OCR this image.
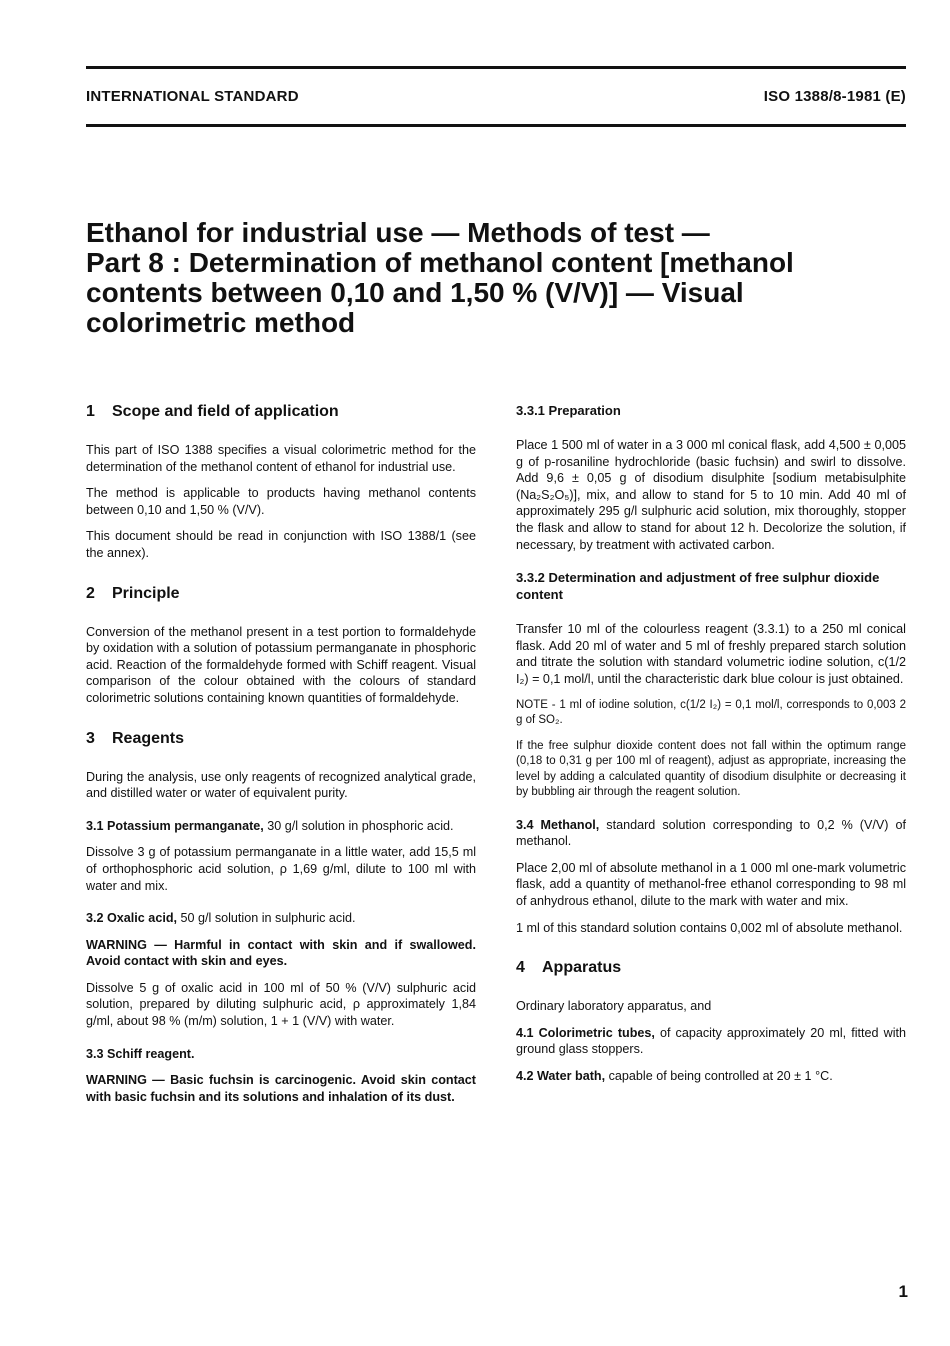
INTERNATIONAL STANDARD	ISO 1388/8-1981 (E)
Ethanol for industrial use — Methods of test —
Part 8 : Determination of methanol content [methanol
contents between 0,10 and 1,50 % (V/V)] — Visual
colorimetric method
1 Scope and field of application

This part of ISO 1388 specifies a visual colorimetric method for the determination of the methanol content of ethanol for industrial use.

The method is applicable to products having methanol contents between 0,10 and 1,50 % (V/V).

This document should be read in conjunction with ISO 1388/1 (see the annex).

2 Principle

Conversion of the methanol present in a test portion to formaldehyde by oxidation with a solution of potassium permanganate in phosphoric acid. Reaction of the formaldehyde formed with Schiff reagent. Visual comparison of the colour obtained with the colours of standard colorimetric solutions containing known quantities of formaldehyde.

3 Reagents

During the analysis, use only reagents of recognized analytical grade, and distilled water or water of equivalent purity.

3.1 Potassium permanganate, 30 g/l solution in phosphoric acid.

Dissolve 3 g of potassium permanganate in a little water, add 15,5 ml of orthophosphoric acid solution, ρ 1,69 g/ml, dilute to 100 ml with water and mix.

3.2 Oxalic acid, 50 g/l solution in sulphuric acid.

WARNING — Harmful in contact with skin and if swallowed. Avoid contact with skin and eyes.

Dissolve 5 g of oxalic acid in 100 ml of 50 % (V/V) sulphuric acid solution, prepared by diluting sulphuric acid, ρ approximately 1,84 g/ml, about 98 % (m/m) solution, 1 + 1 (V/V) with water.

3.3 Schiff reagent.

WARNING — Basic fuchsin is carcinogenic. Avoid skin contact with basic fuchsin and its solutions and inhalation of its dust.

3.3.1 Preparation

Place 1 500 ml of water in a 3 000 ml conical flask, add 4,500 ± 0,005 g of p-rosaniline hydrochloride (basic fuchsin) and swirl to dissolve. Add 9,6 ± 0,05 g of disodium disulphite [sodium metabisulphite (Na₂S₂O₅)], mix, and allow to stand for 5 to 10 min. Add 40 ml of approximately 295 g/l sulphuric acid solution, mix thoroughly, stopper the flask and allow to stand for about 12 h. Decolorize the solution, if necessary, by treatment with activated carbon.

3.3.2 Determination and adjustment of free sulphur dioxide content

Transfer 10 ml of the colourless reagent (3.3.1) to a 250 ml conical flask. Add 20 ml of water and 5 ml of freshly prepared starch solution and titrate the solution with standard volumetric iodine solution, c(1/2 I₂) = 0,1 mol/l, until the characteristic dark blue colour is just obtained.

NOTE - 1 ml of iodine solution, c(1/2 I₂) = 0,1 mol/l, corresponds to 0,003 2 g of SO₂.

If the free sulphur dioxide content does not fall within the optimum range (0,18 to 0,31 g per 100 ml of reagent), adjust as appropriate, increasing the level by adding a calculated quantity of disodium disulphite or decreasing it by bubbling air through the reagent solution.

3.4 Methanol, standard solution corresponding to 0,2 % (V/V) of methanol.

Place 2,00 ml of absolute methanol in a 1 000 ml one-mark volumetric flask, add a quantity of methanol-free ethanol corresponding to 98 ml of anhydrous ethanol, dilute to the mark with water and mix.

1 ml of this standard solution contains 0,002 ml of absolute methanol.

4 Apparatus

Ordinary laboratory apparatus, and

4.1 Colorimetric tubes, of capacity approximately 20 ml, fitted with ground glass stoppers.

4.2 Water bath, capable of being controlled at 20 ± 1 °C.

1
